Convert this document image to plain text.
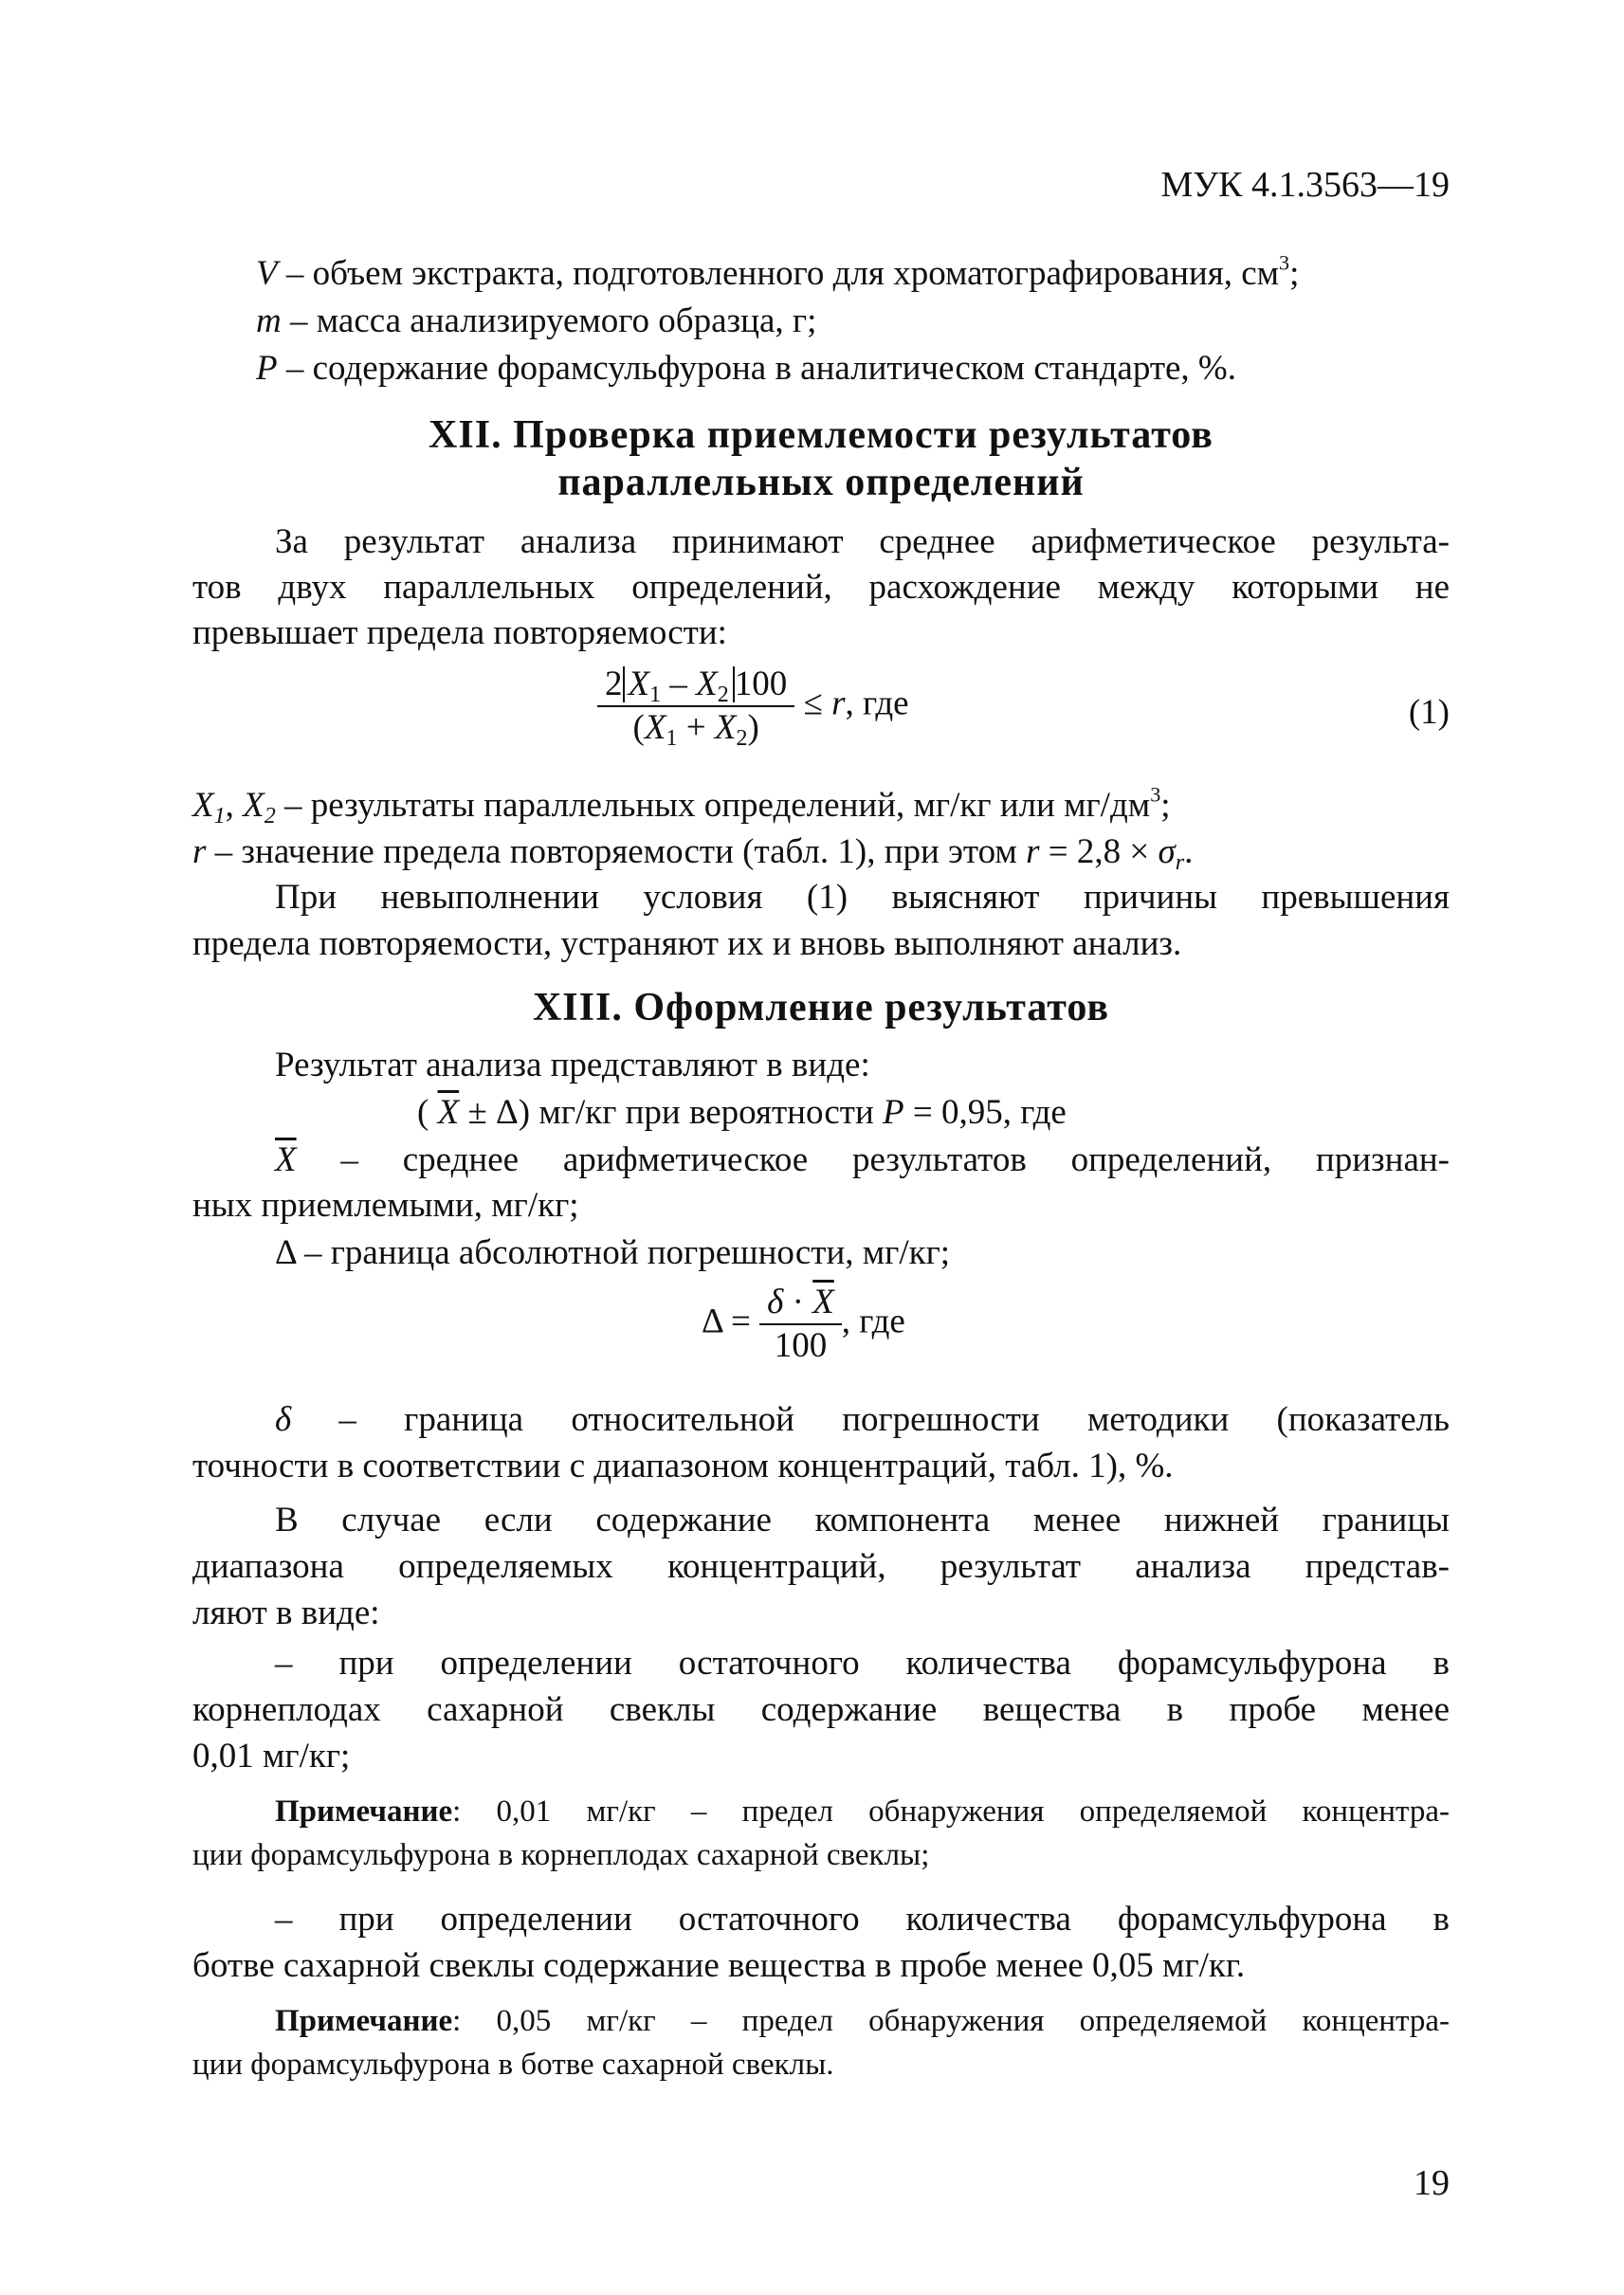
МУК 4.1.3563—19
V – объем экстракта, подготовленного для хроматографирования, $см^3$;
m – масса анализируемого образца, г;
P – содержание форамсульфурона в аналитическом стандарте, %.
XII. Проверка приемлемости результатов
параллельных определений
За результат анализа принимают среднее арифметическое результа-
тов двух параллельных определений, расхождение между которыми не
превышает предела повторяемости:
$\frac{2 X_1 - X_2 100}{(X_1 + X_2)} \le r$, где	(1)
$X_1$, $X_2$ – результаты параллельных определений, мг/кг или $мг/дм^3$;
r – значение предела повторяемости (табл. 1), при этом $r = 2,8 \times \sigma_r$.
При невыполнении условия (1) выясняют причины превышения
предела повторяемости, устраняют их и вновь выполняют анализ.
XIII. Оформление результатов
Результат анализа представляют в виде:
( $\overline{X} \pm \Delta$) мг/кг при вероятности P = 0,95, где
$\overline{X}$ – среднее арифметическое результатов определений, признан-
ных приемлемыми, мг/кг;
Δ – граница абсолютной погрешности, мг/кг;
$\Delta = \frac{\delta \cdot \overline{X}}{100}$ , где
δ – граница относительной погрешности методики (показатель
точности в соответствии с диапазоном концентраций, табл. 1), %.
В случае если содержание компонента менее нижней границы
диапазона определяемых концентраций, результат анализа представ-
ляют в виде:
– при определении остаточного количества форамсульфурона в
корнеплодах сахарной свеклы содержание вещества в пробе менее
0,01 мг/кг;
Примечание: 0,01 мг/кг – предел обнаружения определяемой концентра-
ции форамсульфурона в корнеплодах сахарной свеклы;
– при определении остаточного количества форамсульфурона в
ботве сахарной свеклы содержание вещества в пробе менее 0,05 мг/кг.
Примечание: 0,05 мг/кг – предел обнаружения определяемой концентра-
ции форамсульфурона в ботве сахарной свеклы.
19
